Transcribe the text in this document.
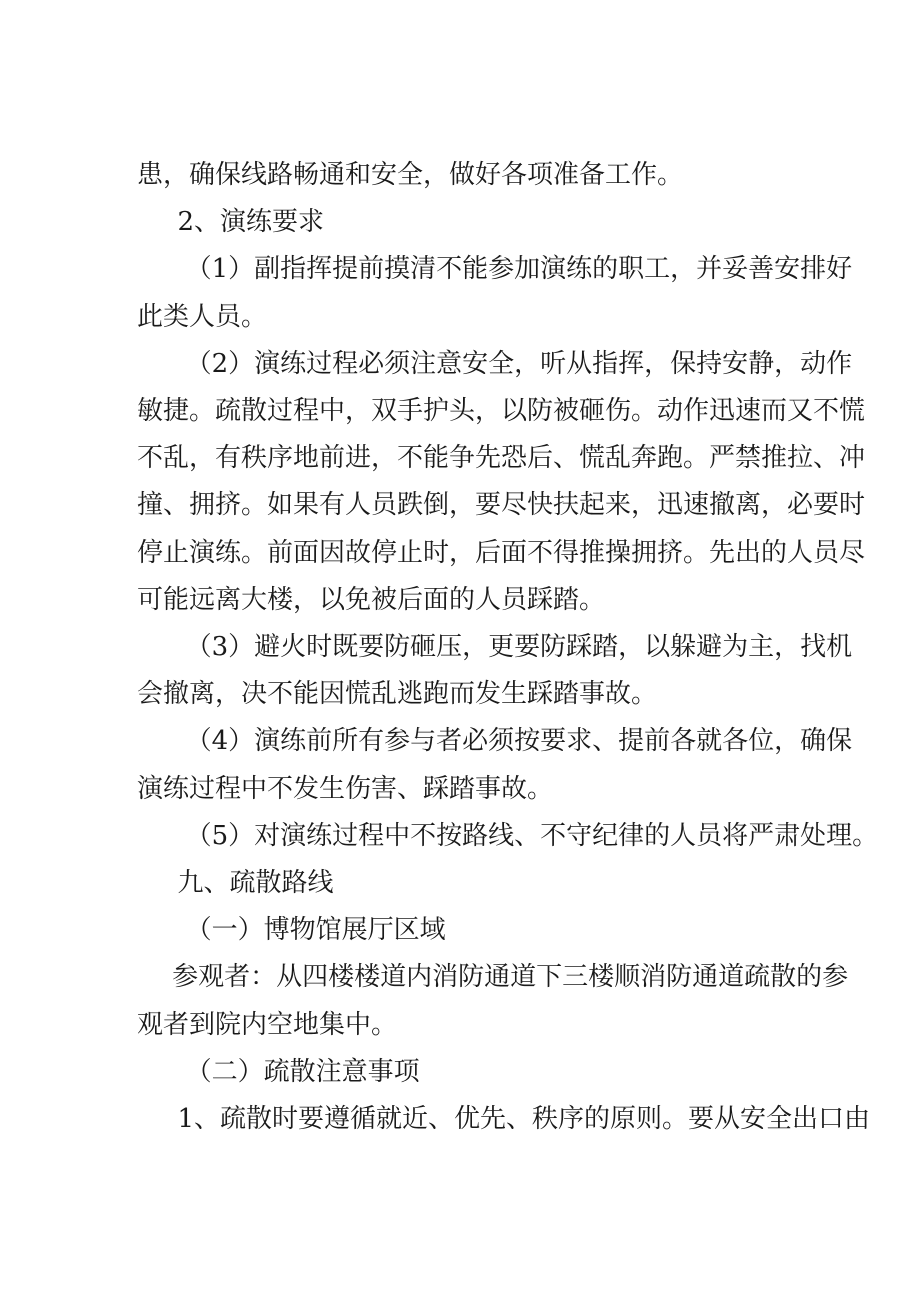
患，确保线路畅通和安全，做好各项准备工作。
2、演练要求
（1）副指挥提前摸清不能参加演练的职工，并妥善安排好
此类人员。
（2）演练过程必须注意安全，听从指挥，保持安静，动作
敏捷。疏散过程中，双手护头，以防被砸伤。动作迅速而又不慌
不乱，有秩序地前进，不能争先恐后、慌乱奔跑。严禁推拉、冲
撞、拥挤。如果有人员跌倒，要尽快扶起来，迅速撤离，必要时
停止演练。前面因故停止时，后面不得推操拥挤。先出的人员尽
可能远离大楼，以免被后面的人员踩踏。
（3）避火时既要防砸压，更要防踩踏，以躲避为主，找机
会撤离，决不能因慌乱逃跑而发生踩踏事故。
（4）演练前所有参与者必须按要求、提前各就各位，确保
演练过程中不发生伤害、踩踏事故。
（5）对演练过程中不按路线、不守纪律的人员将严肃处理。
九、疏散路线
（一）博物馆展厅区域
参观者：从四楼楼道内消防通道下三楼顺消防通道疏散的参
观者到院内空地集中。
（二）疏散注意事项
1、疏散时要遵循就近、优先、秩序的原则。要从安全出口由
